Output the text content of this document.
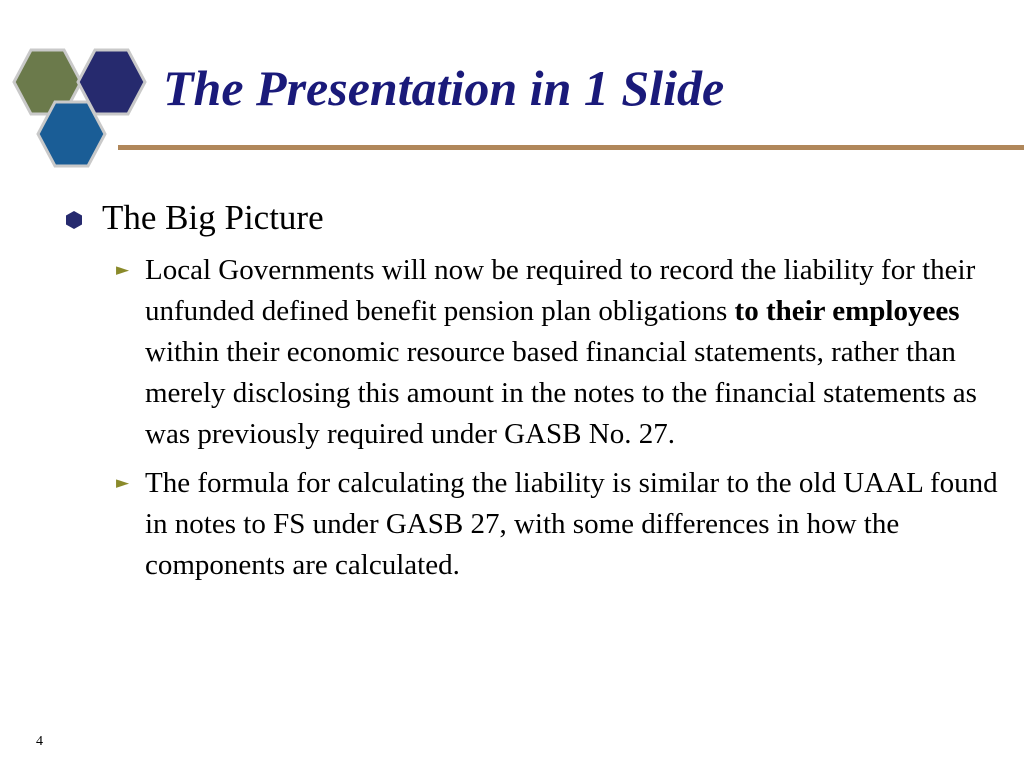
The Presentation in 1 Slide
The Big Picture
► Local Governments will now be required to record the liability for their unfunded defined benefit pension plan obligations to their employees within their economic resource based financial statements, rather than merely disclosing this amount in the notes to the financial statements as was previously required under GASB No. 27.
► The formula for calculating the liability is similar to the old UAAL found in notes to FS under GASB 27, with some differences in how the components are calculated.
4
